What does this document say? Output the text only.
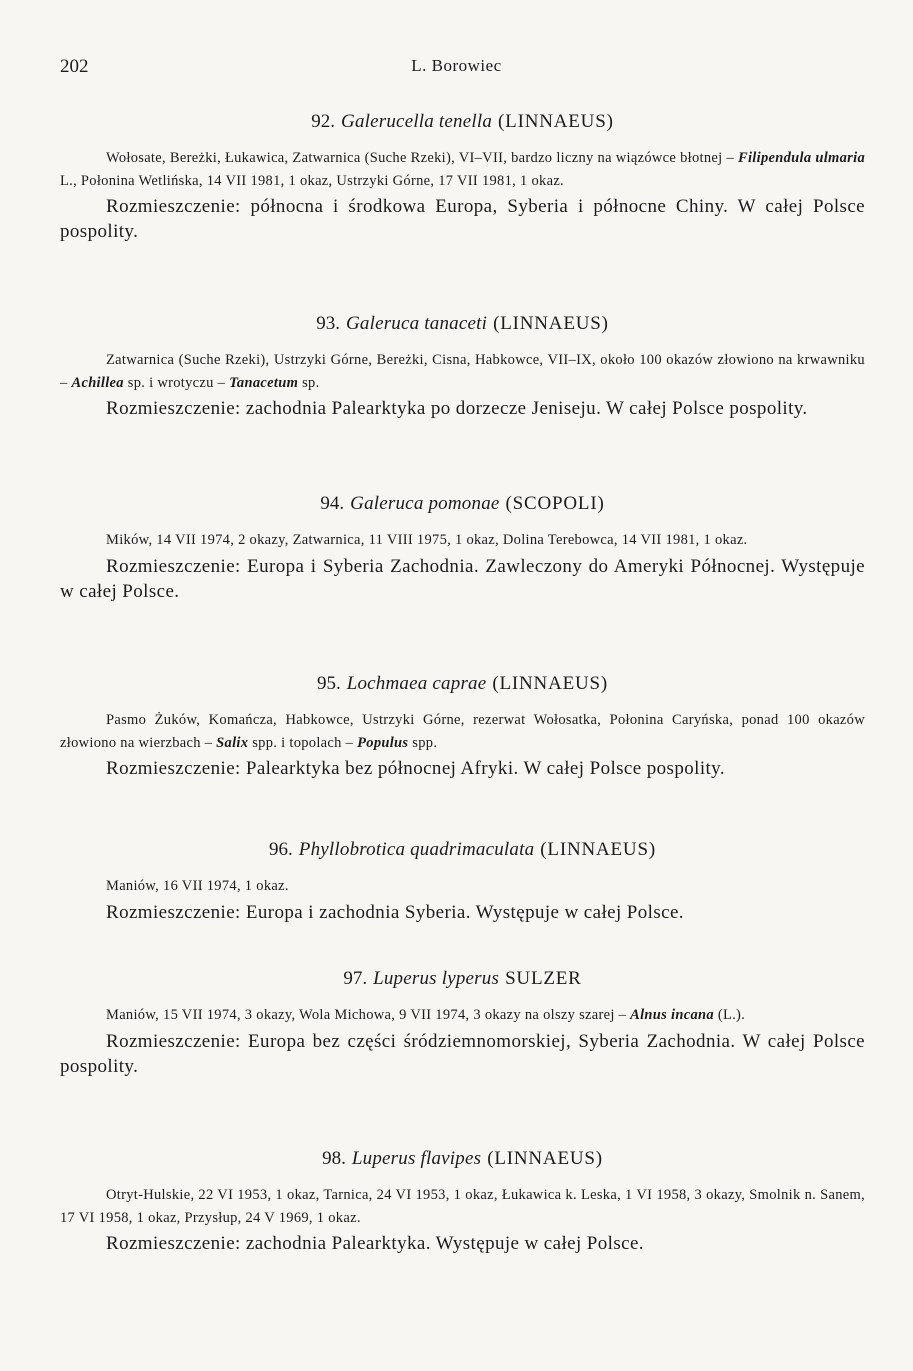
202	L. Borowiec
92. Galerucella tenella (LINNAEUS)

Wołosate, Bereżki, Łukawica, Zatwarnica (Suche Rzeki), VI–VII, bardzo liczny na wiązówce błotnej – Filipendula ulmaria L., Połonina Wetlińska, 14 VII 1981, 1 okaz, Ustrzyki Górne, 17 VII 1981, 1 okaz.

Rozmieszczenie: północna i środkowa Europa, Syberia i północne Chiny. W całej Polsce pospolity.

93. Galeruca tanaceti (LINNAEUS)

Zatwarnica (Suche Rzeki), Ustrzyki Górne, Bereżki, Cisna, Habkowce, VII–IX, około 100 okazów złowiono na krwawniku – Achillea sp. i wrotyczu – Tanacetum sp.

Rozmieszczenie: zachodnia Palearktyka po dorzecze Jeniseju. W całej Polsce pospolity.

94. Galeruca pomonae (SCOPOLI)

Mików, 14 VII 1974, 2 okazy, Zatwarnica, 11 VIII 1975, 1 okaz, Dolina Terebowca, 14 VII 1981, 1 okaz.

Rozmieszczenie: Europa i Syberia Zachodnia. Zawleczony do Ameryki Północnej. Występuje w całej Polsce.

95. Lochmaea caprae (LINNAEUS)

Pasmo Żuków, Komańcza, Habkowce, Ustrzyki Górne, rezerwat Wołosatka, Połonina Caryńska, ponad 100 okazów złowiono na wierzbach – Salix spp. i topolach – Populus spp.

Rozmieszczenie: Palearktyka bez północnej Afryki. W całej Polsce pospolity.

96. Phyllobrotica quadrimaculata (LINNAEUS)

Maniów, 16 VII 1974, 1 okaz.

Rozmieszczenie: Europa i zachodnia Syberia. Występuje w całej Polsce.

97. Luperus lyperus SULZER

Maniów, 15 VII 1974, 3 okazy, Wola Michowa, 9 VII 1974, 3 okazy na olszy szarej – Alnus incana (L.).

Rozmieszczenie: Europa bez części śródziemnomorskiej, Syberia Zachodnia. W całej Polsce pospolity.

98. Luperus flavipes (LINNAEUS)

Otryt-Hulskie, 22 VI 1953, 1 okaz, Tarnica, 24 VI 1953, 1 okaz, Łukawica k. Leska, 1 VI 1958, 3 okazy, Smolnik n. Sanem, 17 VI 1958, 1 okaz, Przysłup, 24 V 1969, 1 okaz.

Rozmieszczenie: zachodnia Palearktyka. Występuje w całej Polsce.
